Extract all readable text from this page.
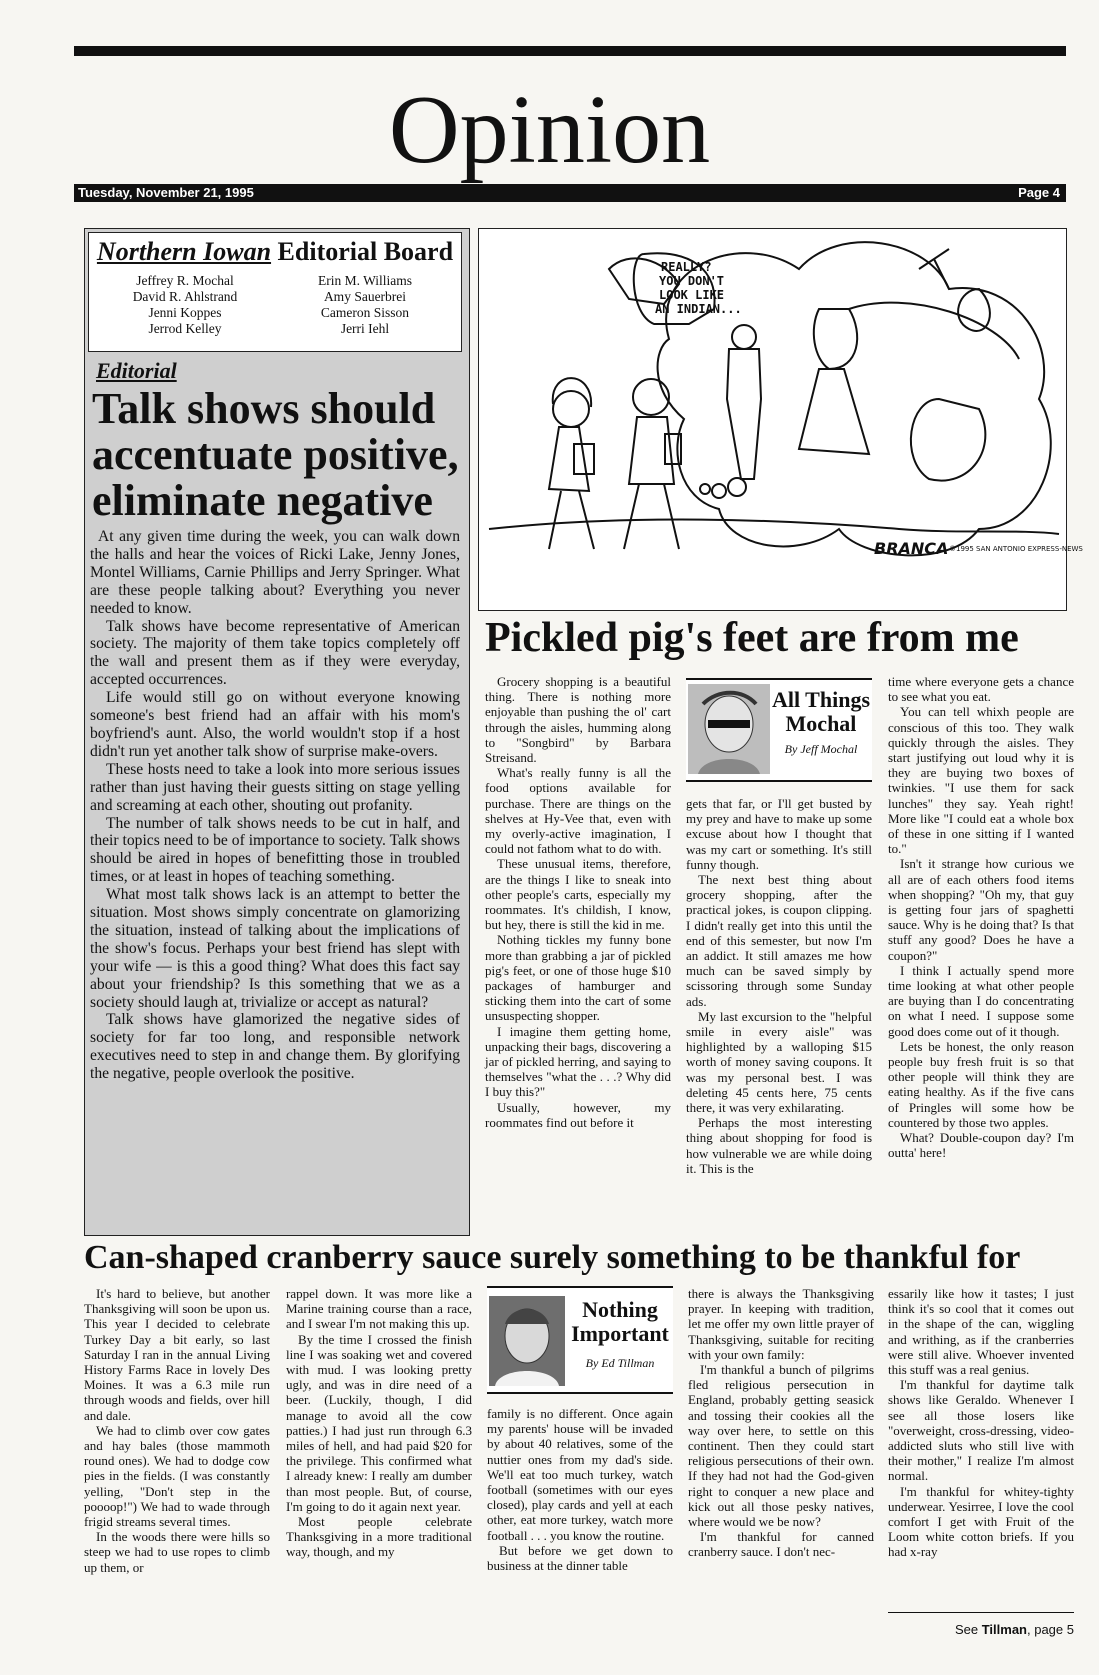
Opinion
Tuesday, November 21, 1995	Page 4
Northern Iowan Editorial Board
Jeffrey R. Mochal
David R. Ahlstrand
Jenni Koppes
Jerrod Kelley
Erin M. Williams
Amy Sauerbrei
Cameron Sisson
Jerri Iehl
Editorial
Talk shows should accentuate positive, eliminate negative

At any given time during the week, you can walk down the halls and hear the voices of Ricki Lake, Jenny Jones, Montel Williams, Carnie Phillips and Jerry Springer. What are these people talking about? Everything you never needed to know.

Talk shows have become representative of American society. The majority of them take topics completely off the wall and present them as if they were everyday, accepted occurrences.

Life would still go on without everyone knowing someone's best friend had an affair with his mom's boyfriend's aunt. Also, the world wouldn't stop if a host didn't run yet another talk show of surprise make-overs.

These hosts need to take a look into more serious issues rather than just having their guests sitting on stage yelling and screaming at each other, shouting out profanity.

The number of talk shows needs to be cut in half, and their topics need to be of importance to society. Talk shows should be aired in hopes of benefitting those in troubled times, or at least in hopes of teaching something.

What most talk shows lack is an attempt to better the situation. Most shows simply concentrate on glamorizing the situation, instead of talking about the implications of the show's focus. Perhaps your best friend has slept with your wife — is this a good thing? What does this fact say about your friendship? Is this something that we as a society should laugh at, trivialize or accept as natural?

Talk shows have glamorized the negative sides of society for far too long, and responsible network executives need to step in and change them. By glorifying the negative, people overlook the positive.

REALLY?
YOU DON'T
LOOK LIKE
AN INDIAN...
BRANCA ©1995 SAN ANTONIO EXPRESS-NEWS
Pickled pig's feet are from me

Grocery shopping is a beautiful thing. There is nothing more enjoyable than pushing the ol' cart through the aisles, humming along to "Songbird" by Barbara Streisand.

What's really funny is all the food options available for purchase. There are things on the shelves at Hy-Vee that, even with my overly-active imagination, I could not fathom what to do with.

These unusual items, therefore, are the things I like to sneak into other people's carts, especially my roommates. It's childish, I know, but hey, there is still the kid in me.

Nothing tickles my funny bone more than grabbing a jar of pickled pig's feet, or one of those huge $10 packages of hamburger and sticking them into the cart of some unsuspecting shopper.

I imagine them getting home, unpacking their bags, discovering a jar of pickled herring, and saying to themselves "what the . . .? Why did I buy this?"

Usually, however, my roommates find out before it

All Things Mochal
By Jeff Mochal

gets that far, or I'll get busted by my prey and have to make up some excuse about how I thought that was my cart or something. It's still funny though.

The next best thing about grocery shopping, after the practical jokes, is coupon clipping. I didn't really get into this until the end of this semester, but now I'm an addict. It still amazes me how much can be saved simply by scissoring through some Sunday ads.

My last excursion to the "helpful smile in every aisle" was highlighted by a walloping $15 worth of money saving coupons. It was my personal best. I was deleting 45 cents here, 75 cents there, it was very exhilarating.

Perhaps the most interesting thing about shopping for food is how vulnerable we are while doing it. This is the

time where everyone gets a chance to see what you eat.

You can tell whixh people are conscious of this too. They walk quickly through the aisles. They start justifying out loud why it is they are buying two boxes of twinkies. "I use them for sack lunches" they say. Yeah right! More like "I could eat a whole box of these in one sitting if I wanted to."

Isn't it strange how curious we all are of each others food items when shopping? "Oh my, that guy is getting four jars of spaghetti sauce. Why is he doing that? Is that stuff any good? Does he have a coupon?"

I think I actually spend more time looking at what other people are buying than I do concentrating on what I need. I suppose some good does come out of it though.

Lets be honest, the only reason people buy fresh fruit is so that other people will think they are eating healthy. As if the five cans of Pringles will some how be countered by those two apples.

What? Double-coupon day? I'm outta' here!

Can-shaped cranberry sauce surely something to be thankful for

It's hard to believe, but another Thanksgiving will soon be upon us. This year I decided to celebrate Turkey Day a bit early, so last Saturday I ran in the annual Living History Farms Race in lovely Des Moines. It was a 6.3 mile run through woods and fields, over hill and dale.

We had to climb over cow gates and hay bales (those mammoth round ones). We had to dodge cow pies in the fields. (I was constantly yelling, "Don't step in the poooop!") We had to wade through frigid streams several times.

In the woods there were hills so steep we had to use ropes to climb up them, or

rappel down. It was more like a Marine training course than a race, and I swear I'm not making this up.

By the time I crossed the finish line I was soaking wet and covered with mud. I was looking pretty ugly, and was in dire need of a beer. (Luckily, though, I did manage to avoid all the cow patties.) I had just run through 6.3 miles of hell, and had paid $20 for the privilege. This confirmed what I already knew: I really am dumber than most people. But, of course, I'm going to do it again next year.

Most people celebrate Thanksgiving in a more traditional way, though, and my

Nothing Important
By Ed Tillman

family is no different. Once again my parents' house will be invaded by about 40 relatives, some of the nuttier ones from my dad's side. We'll eat too much turkey, watch football (sometimes with our eyes closed), play cards and yell at each other, eat more turkey, watch more football . . . you know the routine.

But before we get down to business at the dinner table

there is always the Thanksgiving prayer. In keeping with tradition, let me offer my own little prayer of Thanksgiving, suitable for reciting with your own family:

I'm thankful a bunch of pilgrims fled religious persecution in England, probably getting seasick and tossing their cookies all the way over here, to settle on this continent. Then they could start religious persecutions of their own. If they had not had the God-given right to conquer a new place and kick out all those pesky natives, where would we be now?

I'm thankful for canned cranberry sauce. I don't nec-

essarily like how it tastes; I just think it's so cool that it comes out in the shape of the can, wiggling and writhing, as if the cranberries were still alive. Whoever invented this stuff was a real genius.

I'm thankful for daytime talk shows like Geraldo. Whenever I see all those losers like "overweight, cross-dressing, video-addicted sluts who still live with their mother," I realize I'm almost normal.

I'm thankful for whitey-tighty underwear. Yesirree, I love the cool comfort I get with Fruit of the Loom white cotton briefs. If you had x-ray

See Tillman, page 5
